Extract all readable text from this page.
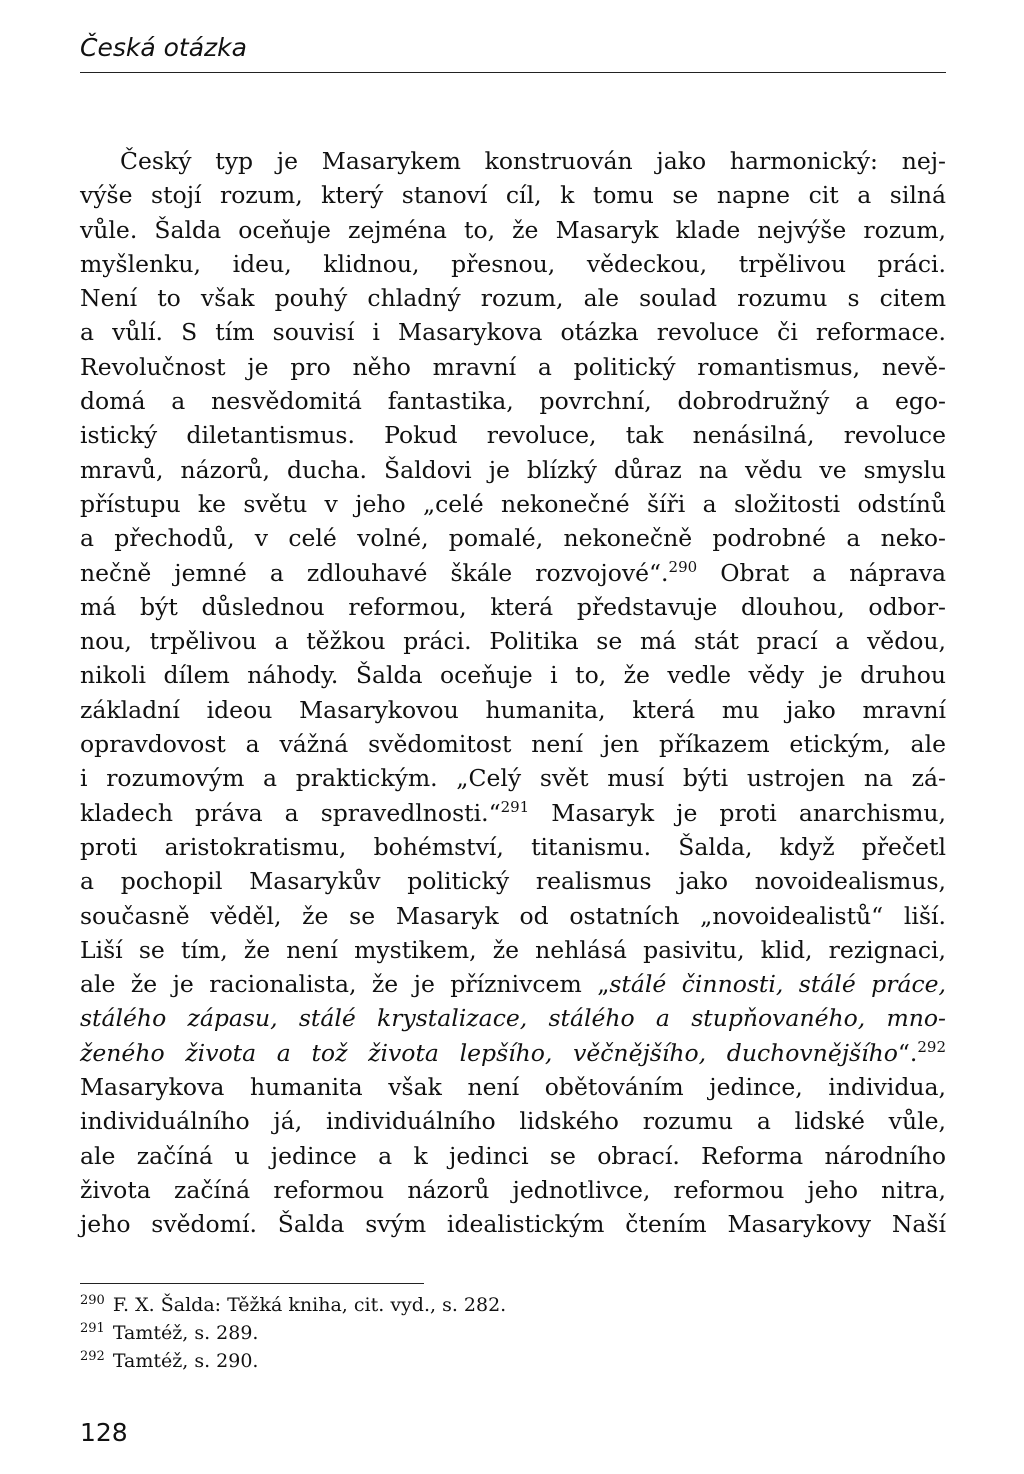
Česká otázka
Český typ je Masarykem konstruován jako harmonický: nej-
výše stojí rozum, který stanoví cíl, k tomu se napne cit a silná
vůle. Šalda oceňuje zejména to, že Masaryk klade nejvýše rozum,
myšlenku, ideu, klidnou, přesnou, vědeckou, trpělivou práci.
Není to však pouhý chladný rozum, ale soulad rozumu s citem
a vůlí. S tím souvisí i Masarykova otázka revoluce či reformace.
Revolučnost je pro něho mravní a politický romantismus, nevě-
domá a nesvědomitá fantastika, povrchní, dobrodružný a ego-
istický diletantismus. Pokud revoluce, tak nenásilná, revoluce
mravů, názorů, ducha. Šaldovi je blízký důraz na vědu ve smyslu
přístupu ke světu v jeho „celé nekonečné šíři a složitosti odstínů
a přechodů, v celé volné, pomalé, nekonečně podrobné a neko-
nečně jemné a zdlouhavé škále rozvojové“.$^{290}$ Obrat a náprava
má být důslednou reformou, která představuje dlouhou, odbor-
nou, trpělivou a těžkou práci. Politika se má stát prací a vědou,
nikoli dílem náhody. Šalda oceňuje i to, že vedle vědy je druhou
základní ideou Masarykovou humanita, která mu jako mravní
opravdovost a vážná svědomitost není jen příkazem etickým, ale
i rozumovým a praktickým. „Celý svět musí býti ustrojen na zá-
kladech práva a spravedlnosti.“$^{291}$ Masaryk je proti anarchismu,
proti aristokratismu, bohémství, titanismu. Šalda, když přečetl
a pochopil Masarykův politický realismus jako novoidealismus,
současně věděl, že se Masaryk od ostatních „novoidealistů“ liší.
Liší se tím, že není mystikem, že nehlásá pasivitu, klid, rezignaci,
ale že je racionalista, že je příznivcem „stálé činnosti, stálé práce,
stálého zápasu, stálé krystalizace, stálého a stupňovaného, mno-
ženého života a tož života lepšího, věčnějšího, duchovnějšího“.$^{292}$
Masarykova humanita však není obětováním jedince, individua,
individuálního já, individuálního lidského rozumu a lidské vůle,
ale začíná u jedince a k jedinci se obrací. Reforma národního
života začíná reformou názorů jednotlivce, reformou jeho nitra,
jeho svědomí. Šalda svým idealistickým čtením Masarykovy Naší
$^{290}$ F. X. Šalda: Těžká kniha, cit. vyd., s. 282.
$^{291}$ Tamtéž, s. 289.
$^{292}$ Tamtéž, s. 290.
128
